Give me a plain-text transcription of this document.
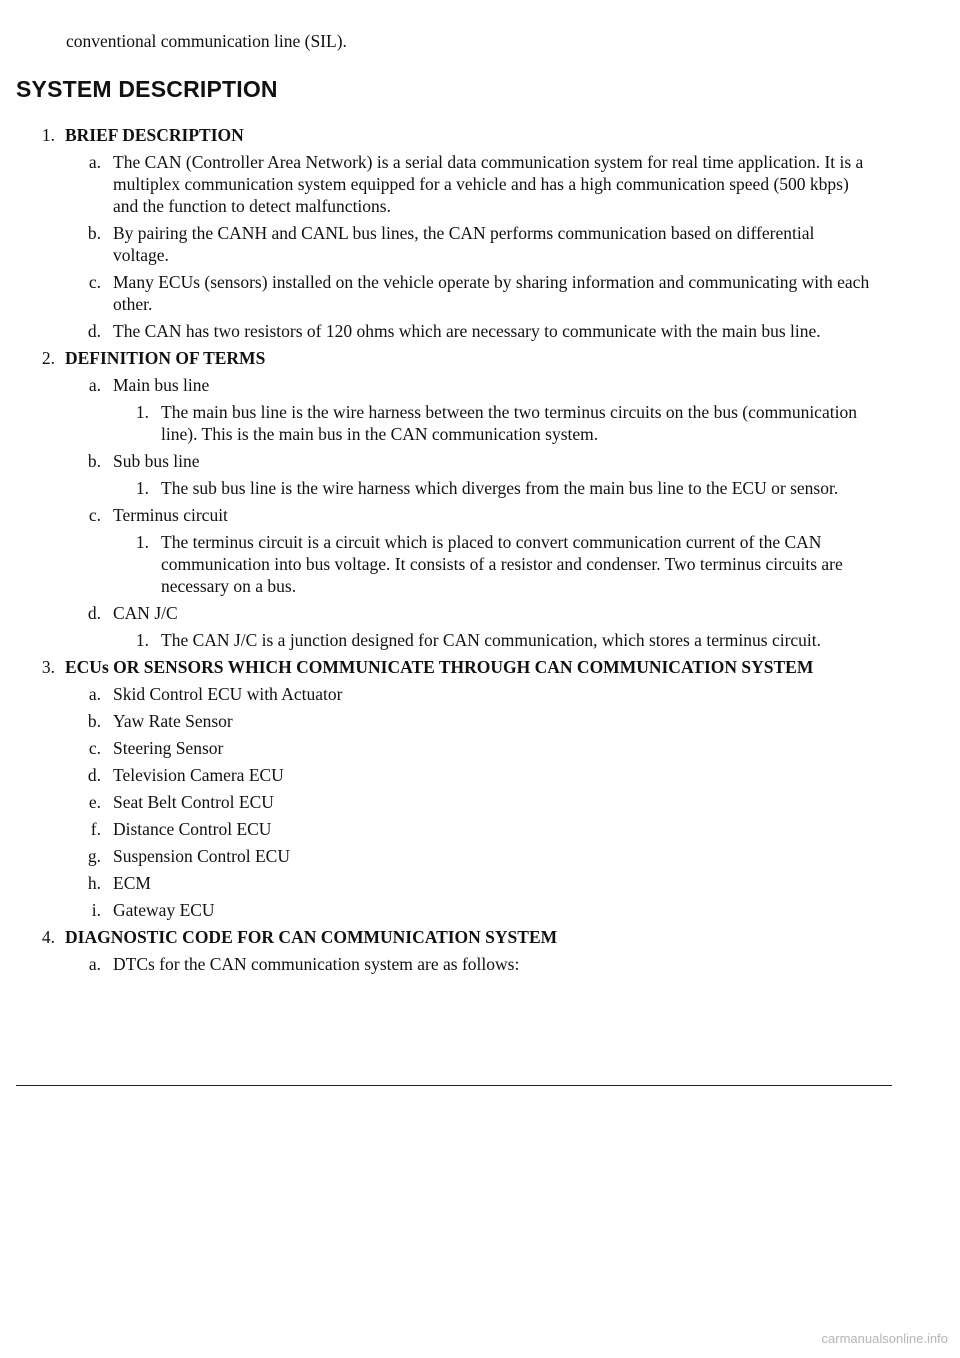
conventional communication line (SIL).
SYSTEM DESCRIPTION
1. BRIEF DESCRIPTION
a. The CAN (Controller Area Network) is a serial data communication system for real time application. It is a multiplex communication system equipped for a vehicle and has a high communication speed (500 kbps) and the function to detect malfunctions.
b. By pairing the CANH and CANL bus lines, the CAN performs communication based on differential voltage.
c. Many ECUs (sensors) installed on the vehicle operate by sharing information and communicating with each other.
d. The CAN has two resistors of 120 ohms which are necessary to communicate with the main bus line.
2. DEFINITION OF TERMS
a. Main bus line
1. The main bus line is the wire harness between the two terminus circuits on the bus (communication line). This is the main bus in the CAN communication system.
b. Sub bus line
1. The sub bus line is the wire harness which diverges from the main bus line to the ECU or sensor.
c. Terminus circuit
1. The terminus circuit is a circuit which is placed to convert communication current of the CAN communication into bus voltage. It consists of a resistor and condenser. Two terminus circuits are necessary on a bus.
d. CAN J/C
1. The CAN J/C is a junction designed for CAN communication, which stores a terminus circuit.
3. ECUs OR SENSORS WHICH COMMUNICATE THROUGH CAN COMMUNICATION SYSTEM
a. Skid Control ECU with Actuator
b. Yaw Rate Sensor
c. Steering Sensor
d. Television Camera ECU
e. Seat Belt Control ECU
f. Distance Control ECU
g. Suspension Control ECU
h. ECM
i. Gateway ECU
4. DIAGNOSTIC CODE FOR CAN COMMUNICATION SYSTEM
a. DTCs for the CAN communication system are as follows:
carmanualsonline.info
